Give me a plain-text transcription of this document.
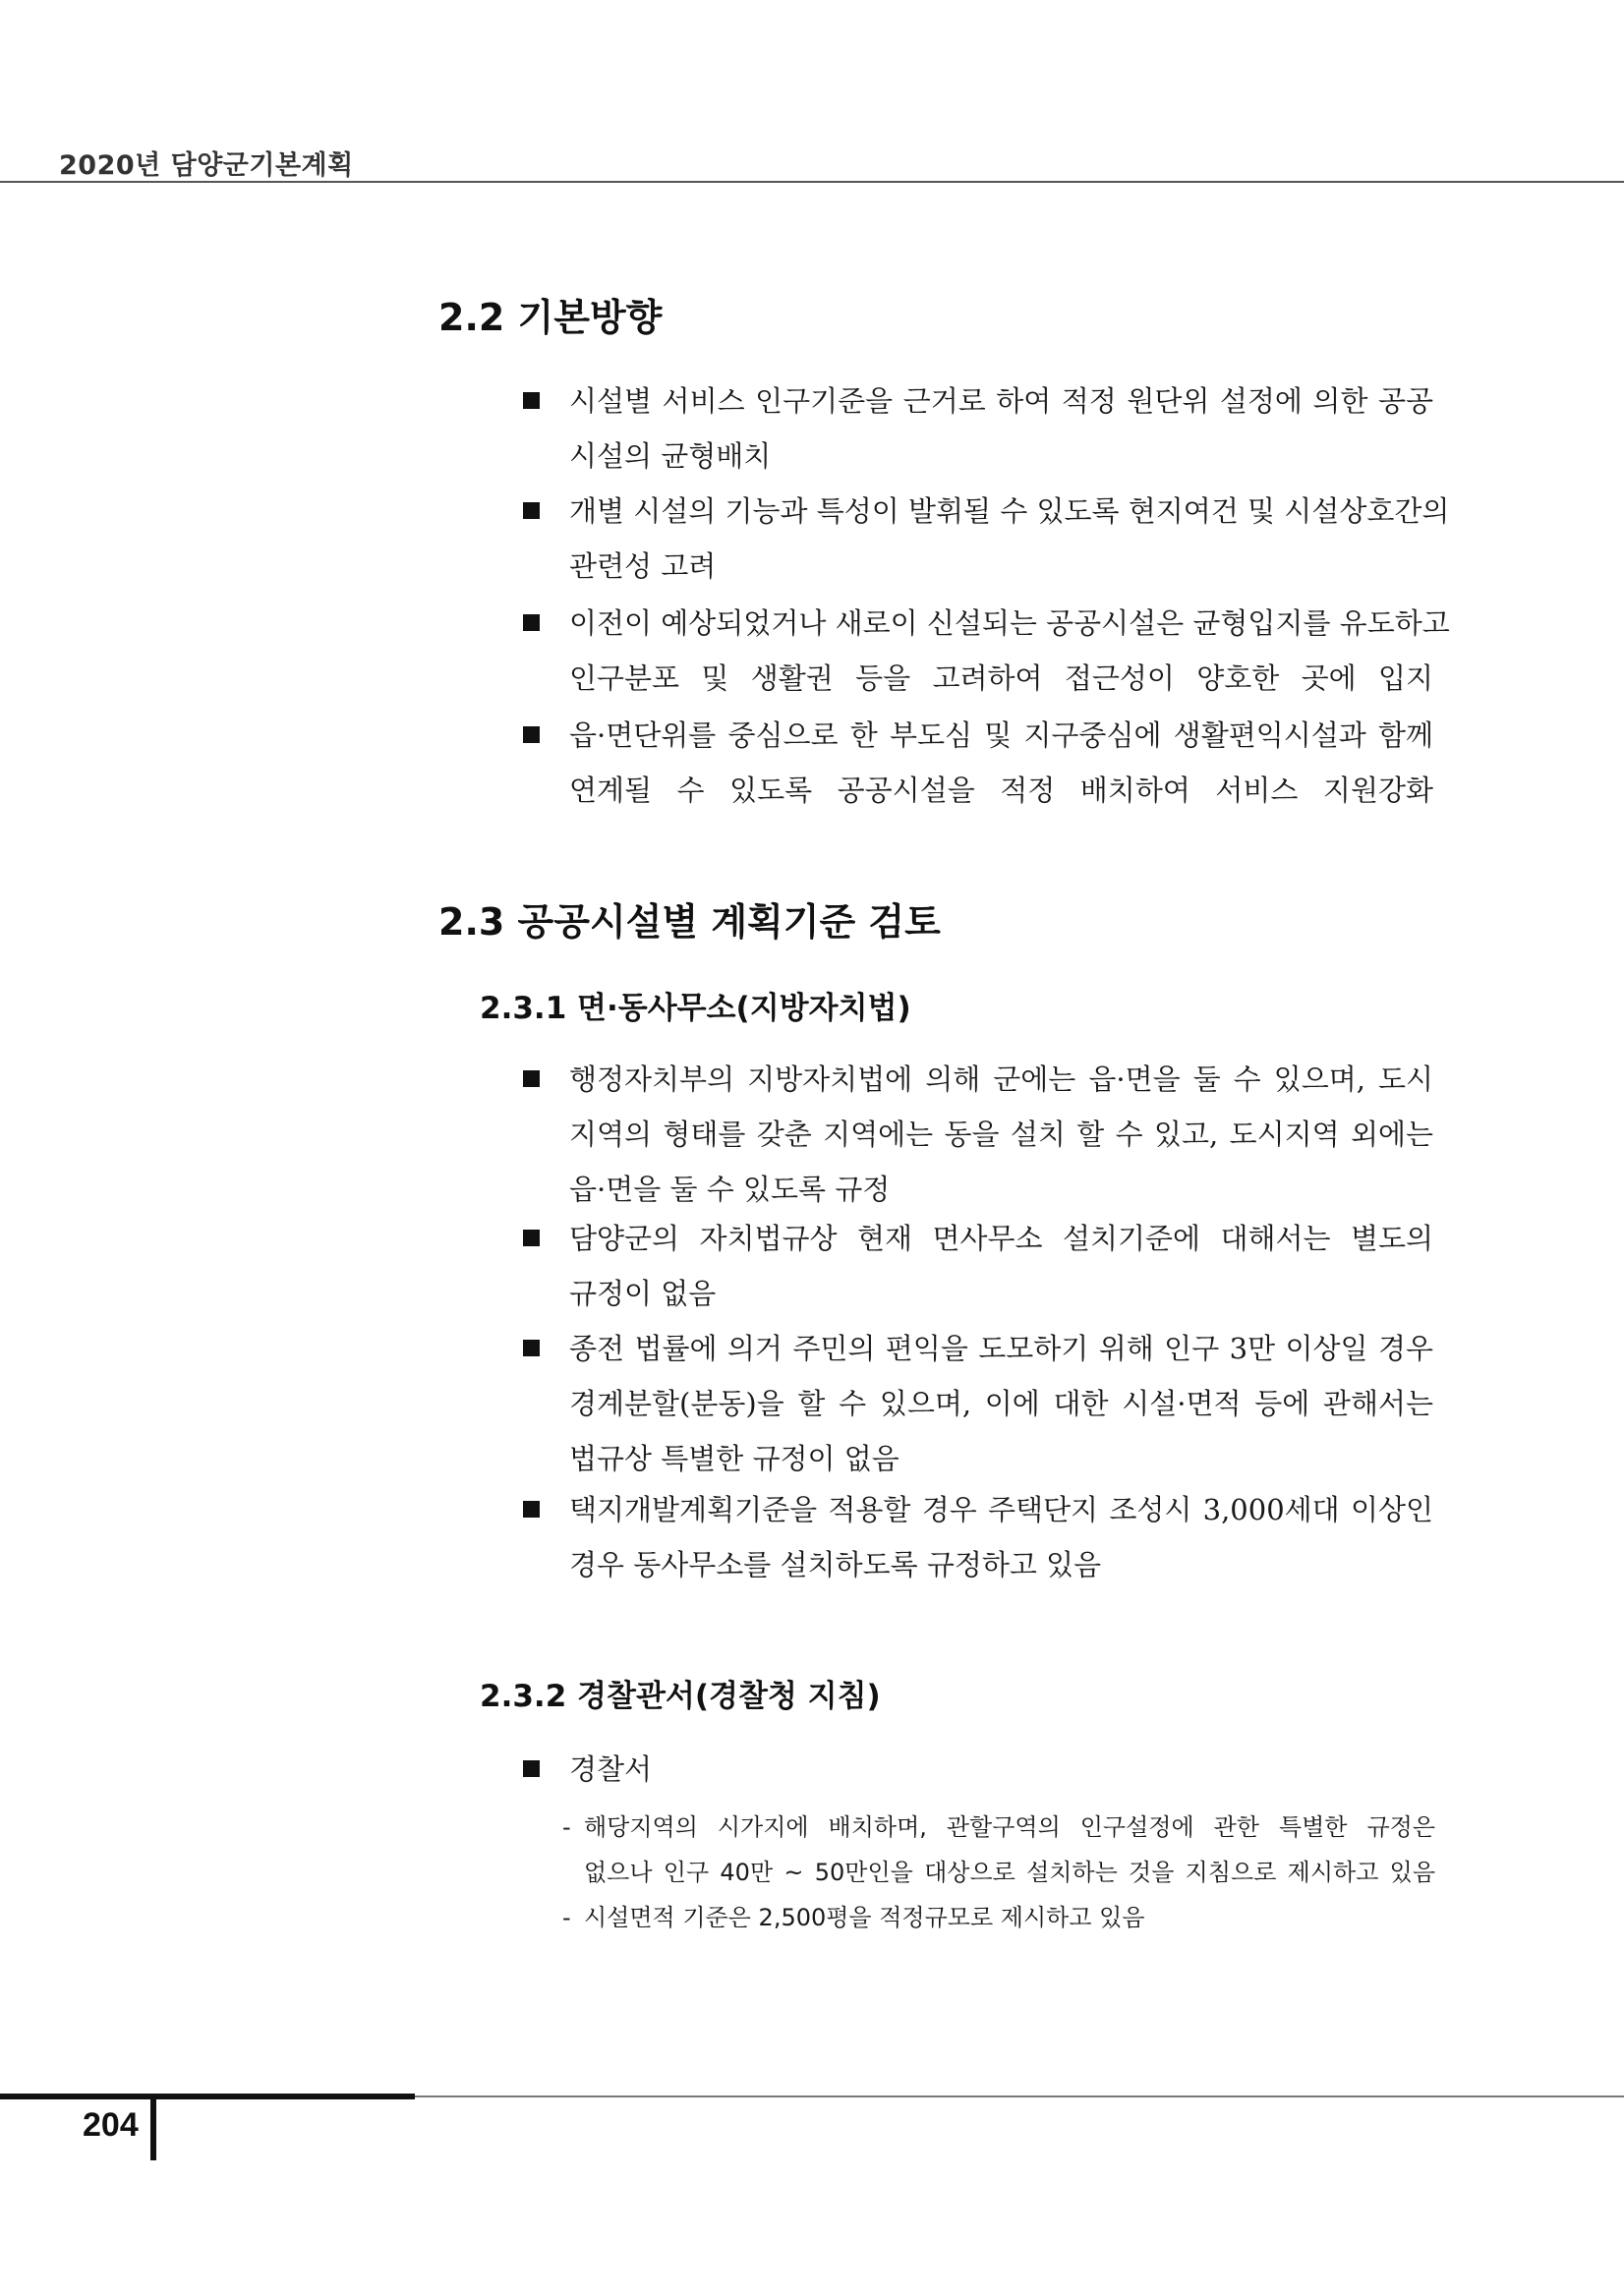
2020년 담양군기본계획
2.2 기본방향
시설별 서비스 인구기준을 근거로 하여 적정 원단위 설정에 의한 공공
시설의 균형배치
개별 시설의 기능과 특성이 발휘될 수 있도록 현지여건 및 시설상호간의
관련성 고려
이전이 예상되었거나 새로이 신설되는 공공시설은 균형입지를 유도하고
인구분포 및 생활권 등을 고려하여 접근성이 양호한 곳에 입지
읍·면단위를 중심으로 한 부도심 및 지구중심에 생활편익시설과 함께
연계될 수 있도록 공공시설을 적정 배치하여 서비스 지원강화
2.3 공공시설별 계획기준 검토
2.3.1 면·동사무소(지방자치법)
행정자치부의 지방자치법에 의해 군에는 읍·면을 둘 수 있으며, 도시
지역의 형태를 갖춘 지역에는 동을 설치 할 수 있고, 도시지역 외에는
읍·면을 둘 수 있도록 규정
담양군의 자치법규상 현재 면사무소 설치기준에 대해서는 별도의
규정이 없음
종전 법률에 의거 주민의 편익을 도모하기 위해 인구 3만 이상일 경우
경계분할(분동)을 할 수 있으며, 이에 대한 시설·면적 등에 관해서는
법규상 특별한 규정이 없음
택지개발계획기준을 적용할 경우 주택단지 조성시 3,000세대 이상인
경우 동사무소를 설치하도록 규정하고 있음
2.3.2 경찰관서(경찰청 지침)
경찰서
- 해당지역의 시가지에 배치하며, 관할구역의 인구설정에 관한 특별한 규정은
없으나 인구 40만 ~ 50만인을 대상으로 설치하는 것을 지침으로 제시하고 있음
- 시설면적 기준은 2,500평을 적정규모로 제시하고 있음
204
